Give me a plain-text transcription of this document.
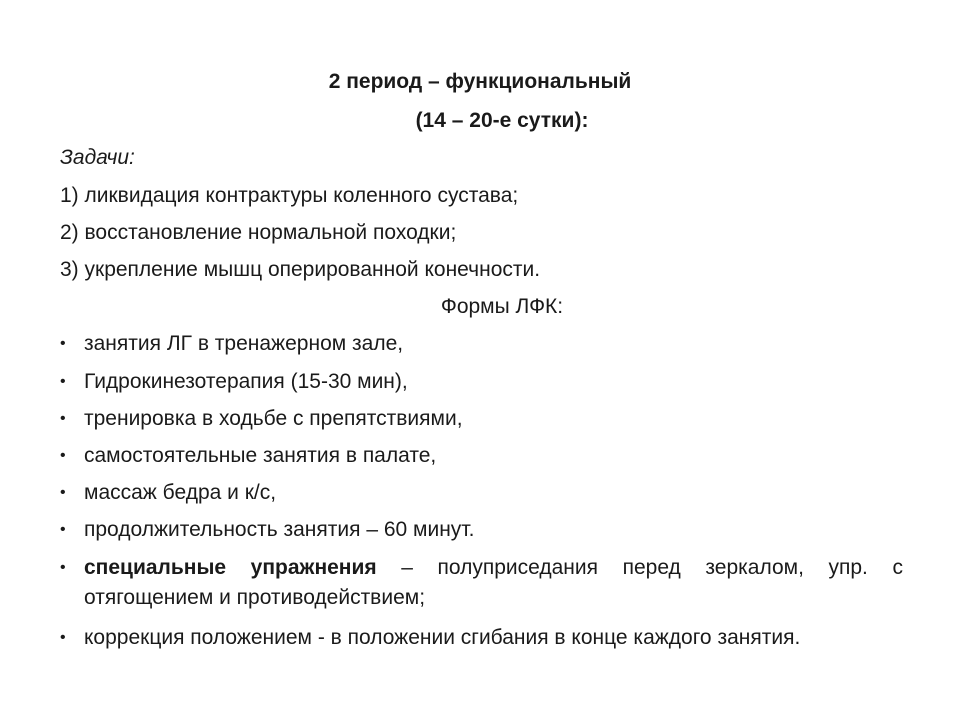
2 период – функциональный
(14 – 20-е сутки):
Задачи:
1) ликвидация контрактуры коленного сустава;
2) восстановление нормальной походки;
3) укрепление мышц оперированной конечности.
Формы ЛФК:
• занятия ЛГ в тренажерном зале,
• Гидрокинезотерапия (15-30 мин),
• тренировка в ходьбе с препятствиями,
• самостоятельные занятия в палате,
• массаж бедра и к/с,
• продолжительность занятия – 60 минут.
• специальные упражнения – полуприседания перед зеркалом, упр. с отягощением и противодействием;
• коррекция положением - в положении сгибания в конце каждого занятия.
